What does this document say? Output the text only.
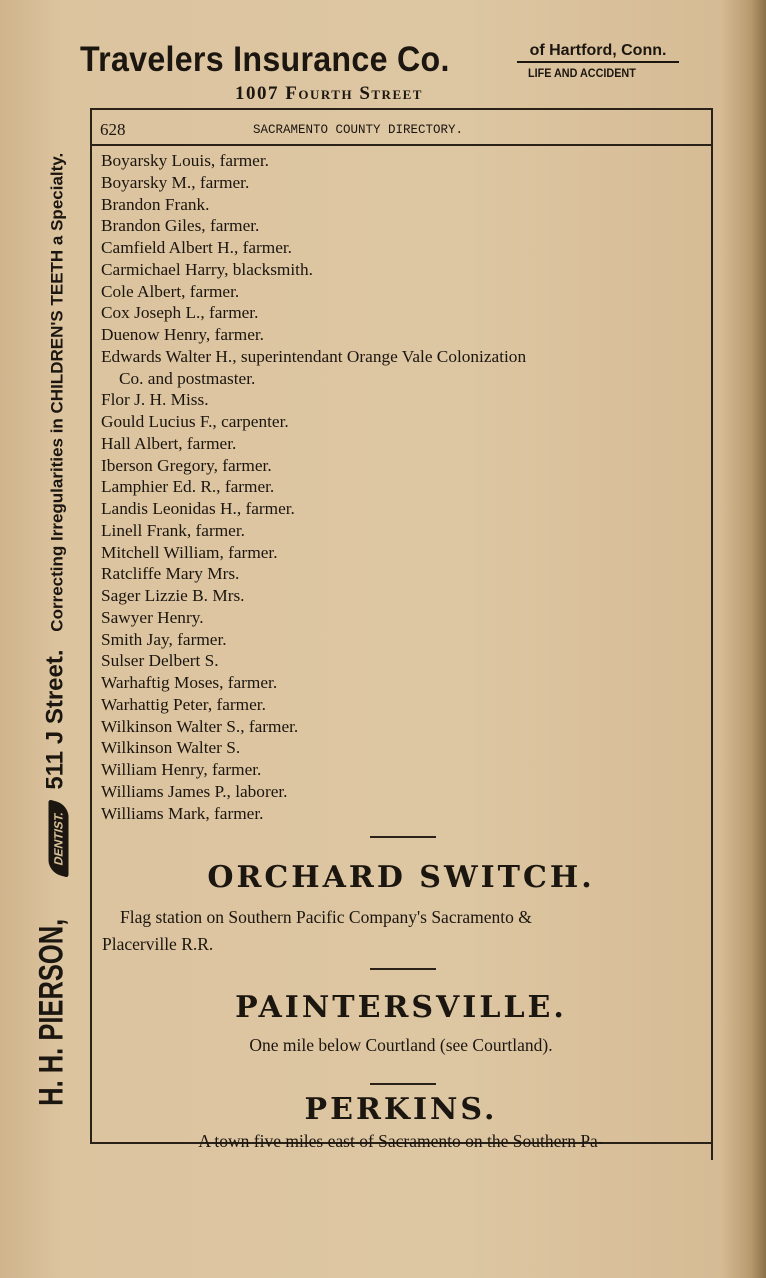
Travelers Insurance Co.	of Hartford, Conn.
LIFE AND ACCIDENT
1007 Fourth Street
H. H. PIERSON, DENTIST. 511 J Street.    Correcting Irregularities in CHILDREN'S TEETH a Specialty.
628	SACRAMENTO COUNTY DIRECTORY.
Boyarsky Louis, farmer.
Boyarsky M., farmer.
Brandon Frank.
Brandon Giles, farmer.
Camfield Albert H., farmer.
Carmichael Harry, blacksmith.
Cole Albert, farmer.
Cox Joseph L., farmer.
Duenow Henry, farmer.
Edwards Walter H., superintendant Orange Vale Colonization
Co. and postmaster.
Flor J. H. Miss.
Gould Lucius F., carpenter.
Hall Albert, farmer.
Iberson Gregory, farmer.
Lamphier Ed. R., farmer.
Landis Leonidas H., farmer.
Linell Frank, farmer.
Mitchell William, farmer.
Ratcliffe Mary Mrs.
Sager Lizzie B. Mrs.
Sawyer Henry.
Smith Jay, farmer.
Sulser Delbert S.
Warhaftig Moses, farmer.
Warhattig Peter, farmer.
Wilkinson Walter S., farmer.
Wilkinson Walter S.
William Henry, farmer.
Williams James P., laborer.
Williams Mark, farmer.
ORCHARD SWITCH.
Flag station on Southern Pacific Company's Sacramento &
Placerville R.R.
PAINTERSVILLE.
One mile below Courtland (see Courtland).
PERKINS.
A town five miles east of Sacramento on the Southern Pa-
